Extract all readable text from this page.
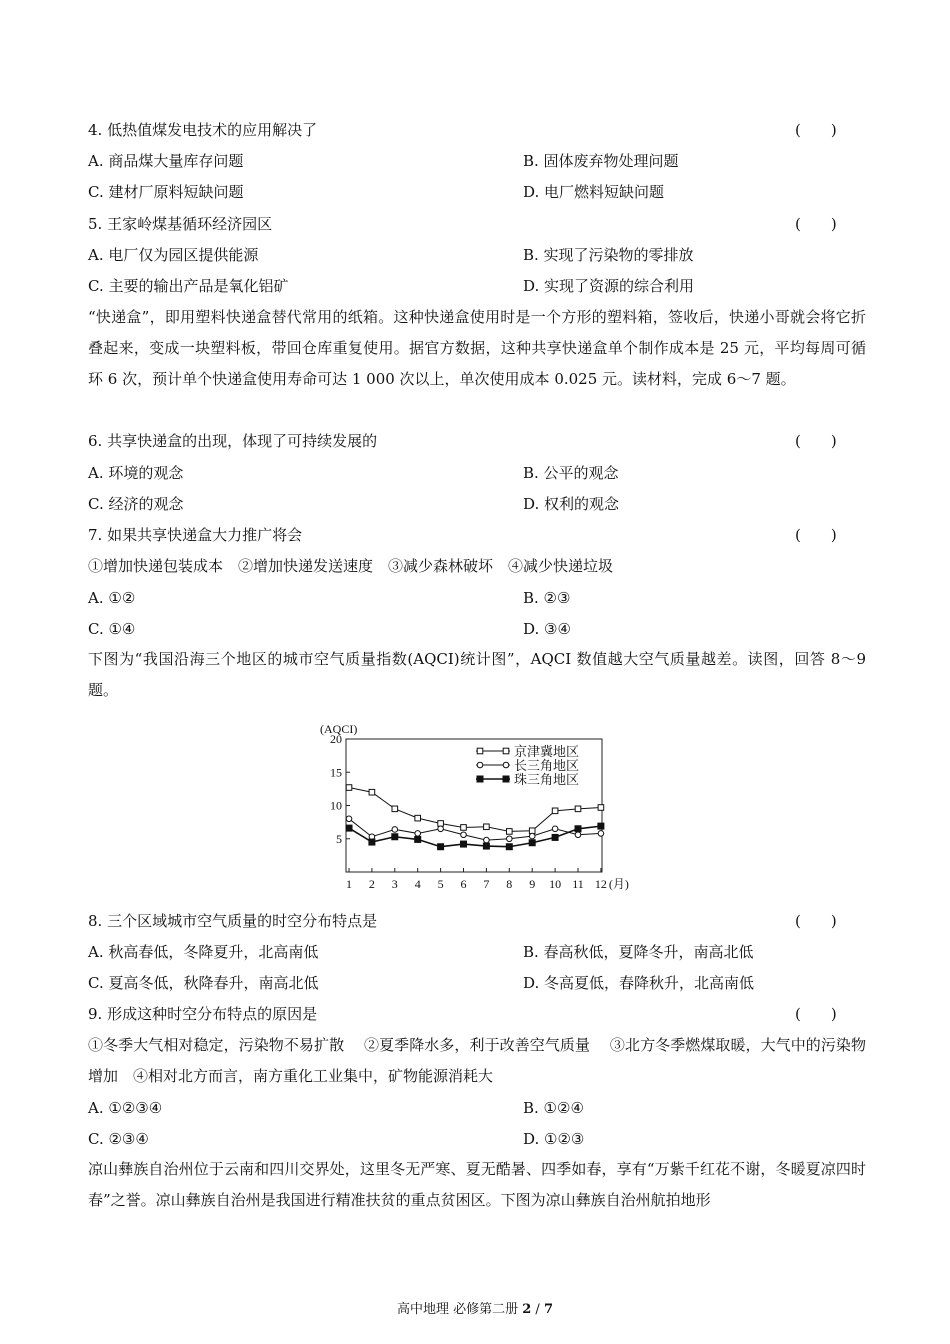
4. 低热值煤发电技术的应用解决了	(　　)
A. 商品煤大量库存问题	B. 固体废弃物处理问题
C. 建材厂原料短缺问题	D. 电厂燃料短缺问题
5. 王家岭煤基循环经济园区	(　　)
A. 电厂仅为园区提供能源	B. 实现了污染物的零排放
C. 主要的输出产品是氧化铝矿	D. 实现了资源的综合利用
“快递盒”，即用塑料快递盒替代常用的纸箱。这种快递盒使用时是一个方形的塑料箱，签收后，快递小哥就会将它折叠起来，变成一块塑料板，带回仓库重复使用。据官方数据，这种共享快递盒单个制作成本是 25 元，平均每周可循环 6 次，预计单个快递盒使用寿命可达 1 000 次以上，单次使用成本 0.025 元。读材料，完成 6～7 题。
6. 共享快递盒的出现，体现了可持续发展的	(　　)
A. 环境的观念	B. 公平的观念
C. 经济的观念	D. 权利的观念
7. 如果共享快递盒大力推广将会	(　　)
①增加快递包装成本　②增加快递发送速度　③减少森林破坏　④减少快递垃圾
A. ①②	B. ②③
C. ①④	D. ③④
下图为“我国沿海三个地区的城市空气质量指数(AQCI)统计图”，AQCI 数值越大空气质量越差。读图，回答 8～9 题。
(AQCI)
5
10
15
20
1 2 3 4 5 6 7 8 9 10 11 12 (月)
京津冀地区
长三角地区
珠三角地区
8. 三个区域城市空气质量的时空分布特点是	(　　)
A. 秋高春低，冬降夏升，北高南低	B. 春高秋低，夏降冬升，南高北低
C. 夏高冬低，秋降春升，南高北低	D. 冬高夏低，春降秋升，北高南低
9. 形成这种时空分布特点的原因是	(　　)
①冬季大气相对稳定，污染物不易扩散　 ②夏季降水多，利于改善空气质量　 ③北方冬季燃煤取暖，大气中的污染物增加　④相对北方而言，南方重化工业集中，矿物能源消耗大
A. ①②③④	B. ①②④
C. ②③④	D. ①②③
凉山彝族自治州位于云南和四川交界处，这里冬无严寒、夏无酷暑、四季如春，享有“万紫千红花不谢，冬暖夏凉四时春”之誉。凉山彝族自治州是我国进行精准扶贫的重点贫困区。下图为凉山彝族自治州航拍地形
高中地理 必修第二册 2 / 7
